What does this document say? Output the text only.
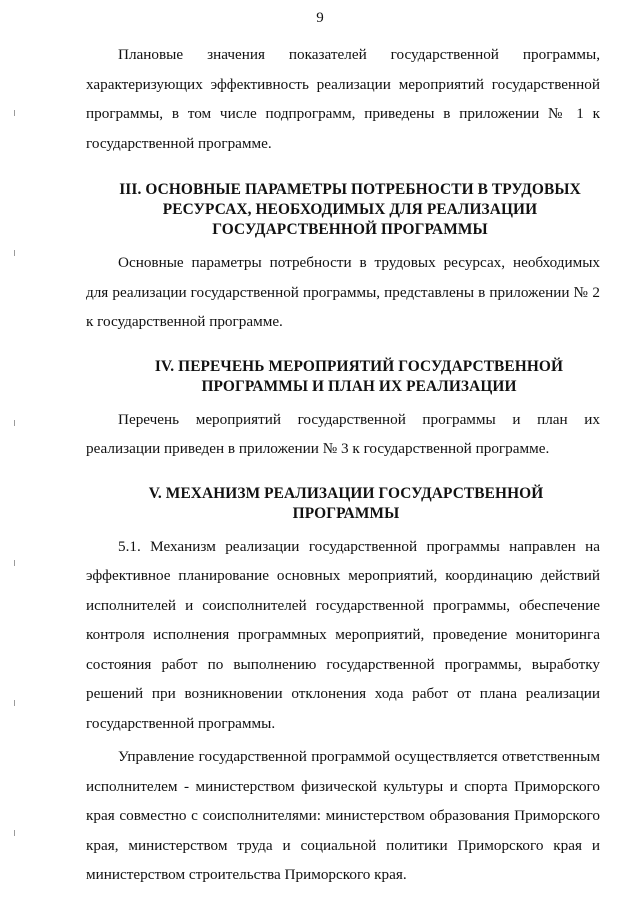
9

Плановые значения показателей государственной программы, характеризующих эффективность реализации мероприятий государственной программы, в том числе подпрограмм, приведены в приложении № 1 к государственной программе.

III. ОСНОВНЫЕ ПАРАМЕТРЫ ПОТРЕБНОСТИ В ТРУДОВЫХ
РЕСУРСАХ, НЕОБХОДИМЫХ ДЛЯ РЕАЛИЗАЦИИ
ГОСУДАРСТВЕННОЙ ПРОГРАММЫ

Основные параметры потребности в трудовых ресурсах, необходимых для реализации государственной программы, представлены в приложении № 2 к государственной программе.

IV. ПЕРЕЧЕНЬ МЕРОПРИЯТИЙ ГОСУДАРСТВЕННОЙ
ПРОГРАММЫ И ПЛАН ИХ РЕАЛИЗАЦИИ

Перечень мероприятий государственной программы и план их реализации приведен в приложении № 3 к государственной программе.

V. МЕХАНИЗМ РЕАЛИЗАЦИИ ГОСУДАРСТВЕННОЙ
ПРОГРАММЫ

5.1. Механизм реализации государственной программы направлен на эффективное планирование основных мероприятий, координацию действий исполнителей и соисполнителей государственной программы, обеспечение контроля исполнения программных мероприятий, проведение мониторинга состояния работ по выполнению государственной программы, выработку решений при возникновении отклонения хода работ от плана реализации государственной программы.

Управление государственной программой осуществляется ответственным исполнителем - министерством физической культуры и спорта Приморского края совместно с соисполнителями: министерством образования Приморского края, министерством труда и социальной политики Приморского края и министерством строительства Приморского края.
